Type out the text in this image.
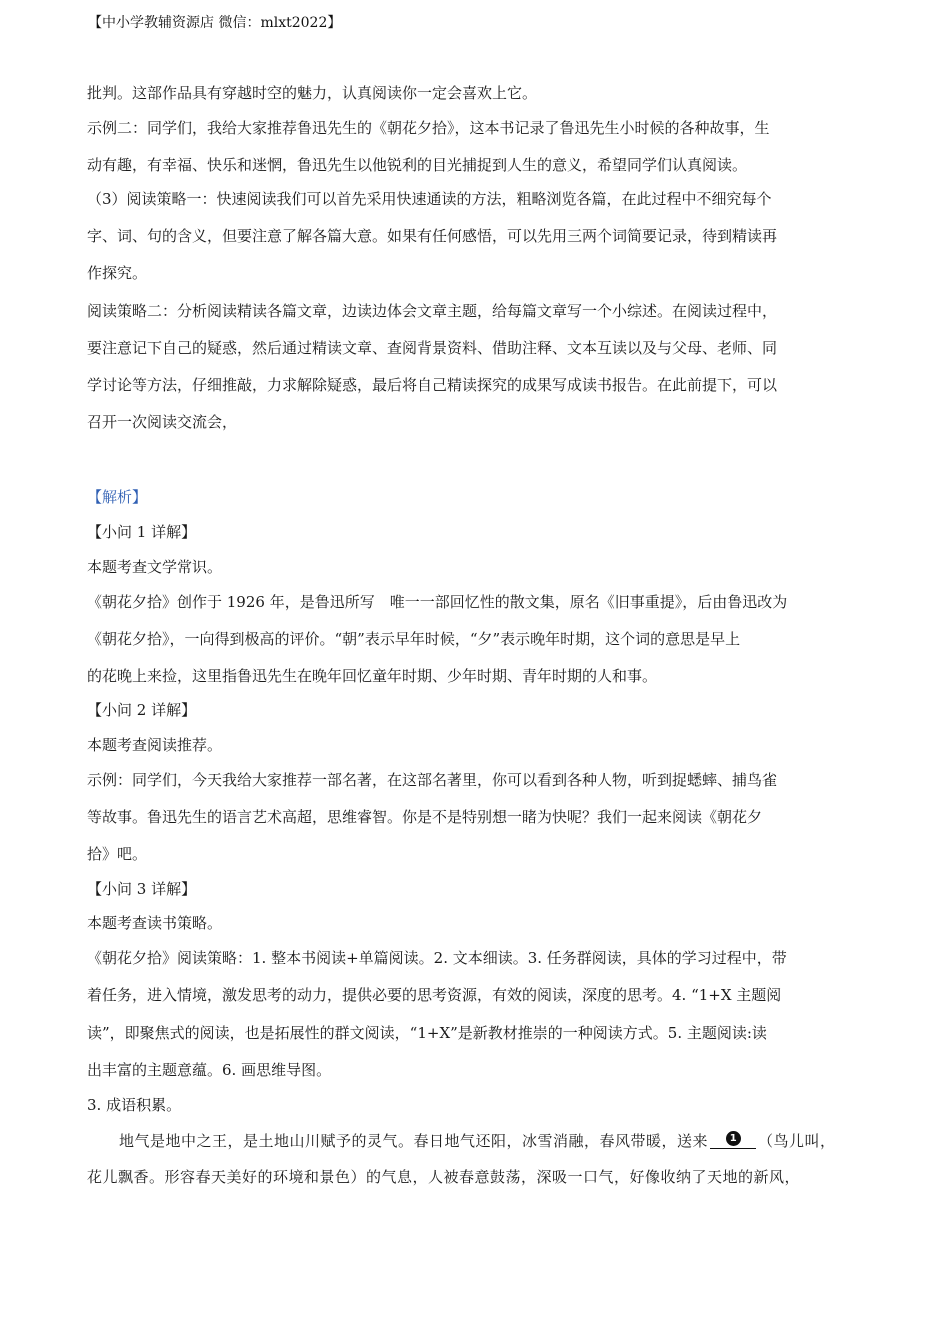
【中小学教辅资源店 微信：mlxt2022】
批判。这部作品具有穿越时空的魅力，认真阅读你一定会喜欢上它。
示例二：同学们，我给大家推荐鲁迅先生的《朝花夕拾》，这本书记录了鲁迅先生小时候的各种故事，生
动有趣，有幸福、快乐和迷惘，鲁迅先生以他锐利的目光捕捉到人生的意义，希望同学们认真阅读。
（3）阅读策略一：快速阅读我们可以首先采用快速通读的方法，粗略浏览各篇，在此过程中不细究每个
字、词、句的含义，但要注意了解各篇大意。如果有任何感悟，可以先用三两个词简要记录，待到精读再
作探究。
阅读策略二：分析阅读精读各篇文章，边读边体会文章主题，给每篇文章写一个小综述。在阅读过程中，
要注意记下自己的疑惑，然后通过精读文章、查阅背景资料、借助注释、文本互读以及与父母、老师、同
学讨论等方法，仔细推敲，力求解除疑惑，最后将自己精读探究的成果写成读书报告。在此前提下，可以
召开一次阅读交流会，
【解析】
【小问 1 详解】
本题考查文学常识。
《朝花夕拾》创作于 1926 年，是鲁迅所写　唯一一部回忆性的散文集，原名《旧事重提》，后由鲁迅改为
《朝花夕拾》，一向得到极高的评价。“朝”表示早年时候，“夕”表示晚年时期，这个词的意思是早上
的花晚上来捡，这里指鲁迅先生在晚年回忆童年时期、少年时期、青年时期的人和事。
【小问 2 详解】
本题考查阅读推荐。
示例：同学们，今天我给大家推荐一部名著，在这部名著里，你可以看到各种人物，听到捉蟋蟀、捕鸟雀
等故事。鲁迅先生的语言艺术高超，思维睿智。你是不是特别想一睹为快呢？我们一起来阅读《朝花夕
拾》吧。
【小问 3 详解】
本题考查读书策略。
《朝花夕拾》阅读策略：1. 整本书阅读+单篇阅读。2. 文本细读。3. 任务群阅读，具体的学习过程中，带
着任务，进入情境，激发思考的动力，提供必要的思考资源，有效的阅读，深度的思考。4. “1+X 主题阅
读”，即聚焦式的阅读，也是拓展性的群文阅读，“1+X”是新教材推崇的一种阅读方式。5. 主题阅读:读
出丰富的主题意蕴。6. 画思维导图。
3. 成语积累。
地气是地中之王，是土地山川赋予的灵气。春日地气还阳，冰雪消融，春风带暖，送来	1 （鸟儿叫，
花儿飘香。形容春天美好的环境和景色）的气息，人被春意鼓荡，深吸一口气，好像收纳了天地的新风，
